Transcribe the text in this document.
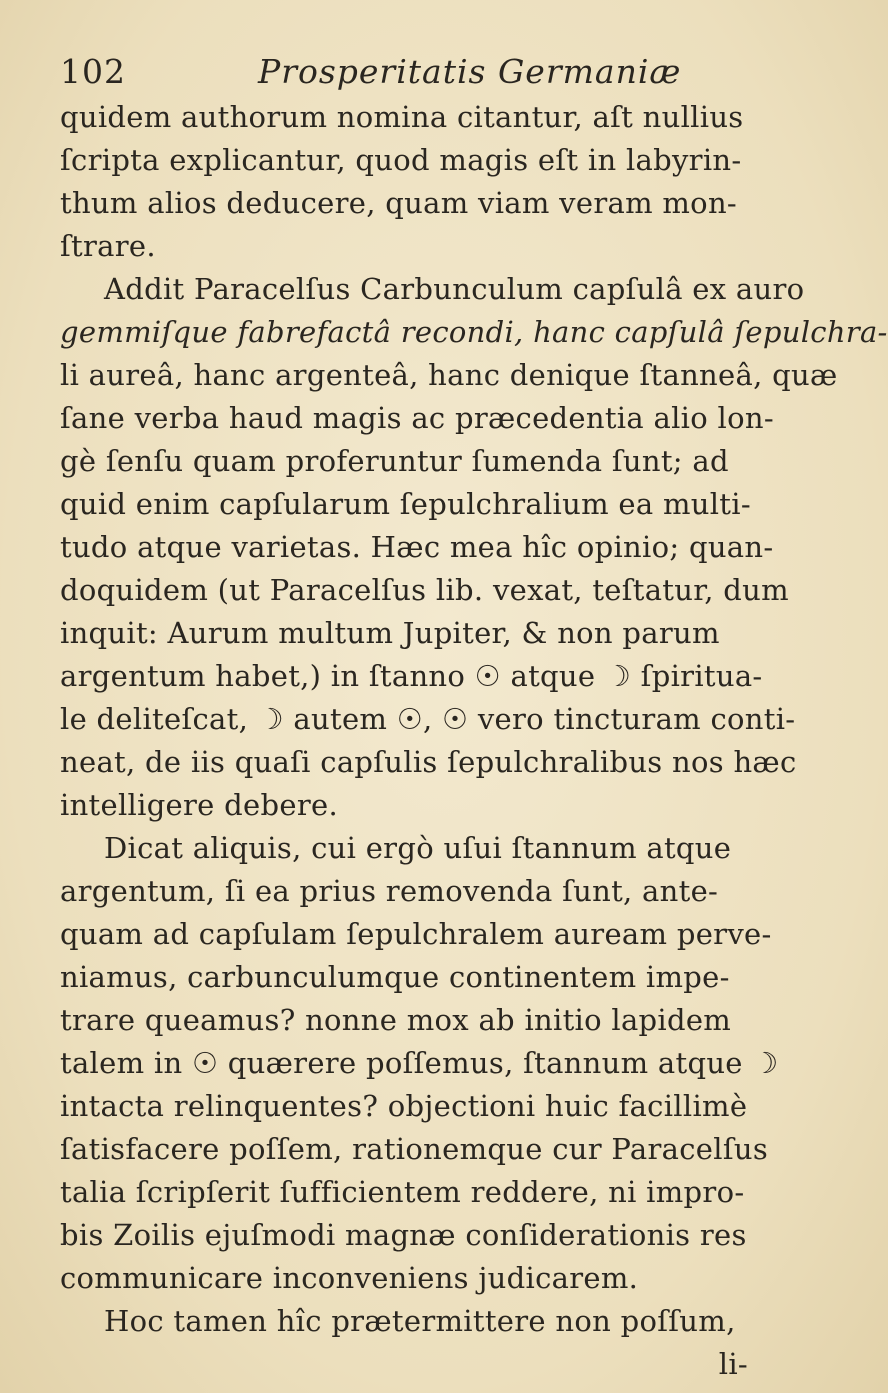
102	Prosperitatis Germaniæ
quidem authorum nomina citantur, aſt nullius
ſcripta explicantur, quod magis eſt in labyrin-
thum alios deducere, quam viam veram mon-
ſtrare.
Addit Paracelſus Carbunculum capſulâ ex auro
gemmiſque fabrefactâ recondi, hanc capſulâ ſepulchra-
li aureâ, hanc argenteâ, hanc denique ſtanneâ, quæ
ſane verba haud magis ac præcedentia alio lon-
gè ſenſu quam proferuntur ſumenda ſunt; ad
quid enim capſularum ſepulchralium ea multi-
tudo atque varietas. Hæc mea hîc opinio; quan-
doquidem (ut Paracelſus lib. vexat, teſtatur, dum
inquit: Aurum multum Jupiter, & non parum
argentum habet,) in ſtanno ☉ atque ☽ ſpiritua-
le delitеſcat, ☽ autem ☉, ☉ vero tincturam conti-
neat, de iis quaſi capſulis ſepulchralibus nos hæc
intelligere debere.
Dicat aliquis, cui ergò uſui ſtannum atque
argentum, ſi ea prius removenda ſunt, ante-
quam ad capſulam ſepulchralem auream perve-
niamus, carbunculumque continentem impe-
trare queamus? nonne mox ab initio lapidem
talem in ☉ quærere poſſemus, ſtannum atque ☽
intacta relinquentes? objectioni huic facillimè
ſatisfacere poſſem, rationemque cur Paracelſus
talia ſcripſerit ſufficientem reddere, ni impro-
bis Zoilis ejuſmodi magnæ conſiderationis res
communicare inconveniens judicarem.
Hoc tamen hîc prætermittere non poſſum,
li-
